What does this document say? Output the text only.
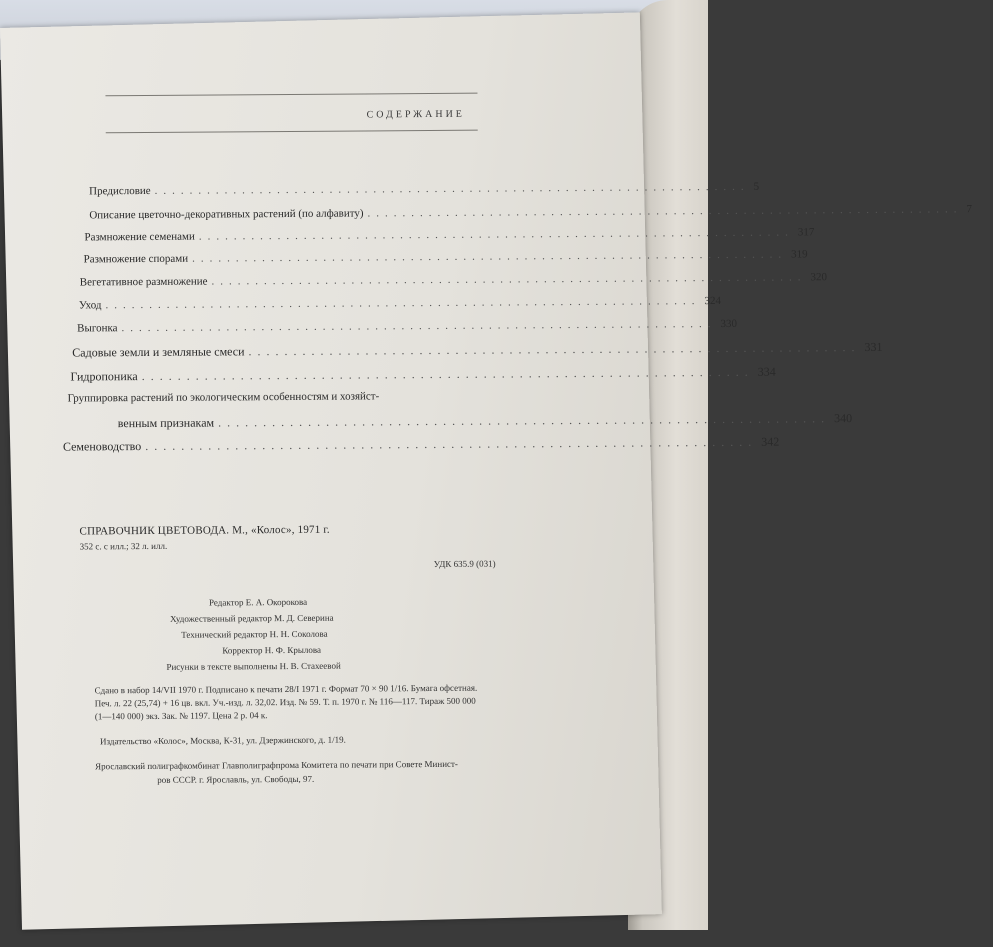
СОДЕРЖАНИЕ
Предисловие .................................................................... 5
Описание цветочно-декоративных растений (по алфавиту) .................................................................... 7
Размножение семенами .................................................................... 317
Размножение спорами .................................................................... 319
Вегетативное размножение .................................................................... 320
Уход .................................................................... 324
Выгонка .................................................................... 330
Садовые земли и земляные смеси .................................................................... 331
Гидропоника .................................................................... 334
Группировка растений по экологическим особенностям и хозяйст-
венным признакам .................................................................... 340
Семеноводство .................................................................... 342
СПРАВОЧНИК ЦВЕТОВОДА. М., «Колос», 1971 г.
352 с. с илл.; 32 л. илл.
УДК 635.9 (031)
Редактор Е. А. Окорокова
Художественный редактор М. Д. Северина
Технический редактор Н. Н. Соколова
Корректор Н. Ф. Крылова
Рисунки в тексте выполнены Н. В. Стахеевой
Сдано в набор 14/VII 1970 г. Подписано к печати 28/I 1971 г. Формат 70 × 90 1/16. Бумага офсетная.
Печ. л. 22 (25,74) + 16 цв. вкл. Уч.-изд. л. 32,02. Изд. № 59. Т. п. 1970 г. № 116—117. Тираж 500 000
(1—140 000) экз. Зак. № 1197. Цена 2 р. 04 к.
Издательство «Колос», Москва, К-31, ул. Дзержинского, д. 1/19.
Ярославский полиграфкомбинат Главполиграфпрома Комитета по печати при Совете Минист-
ров СССР. г. Ярославль, ул. Свободы, 97.
